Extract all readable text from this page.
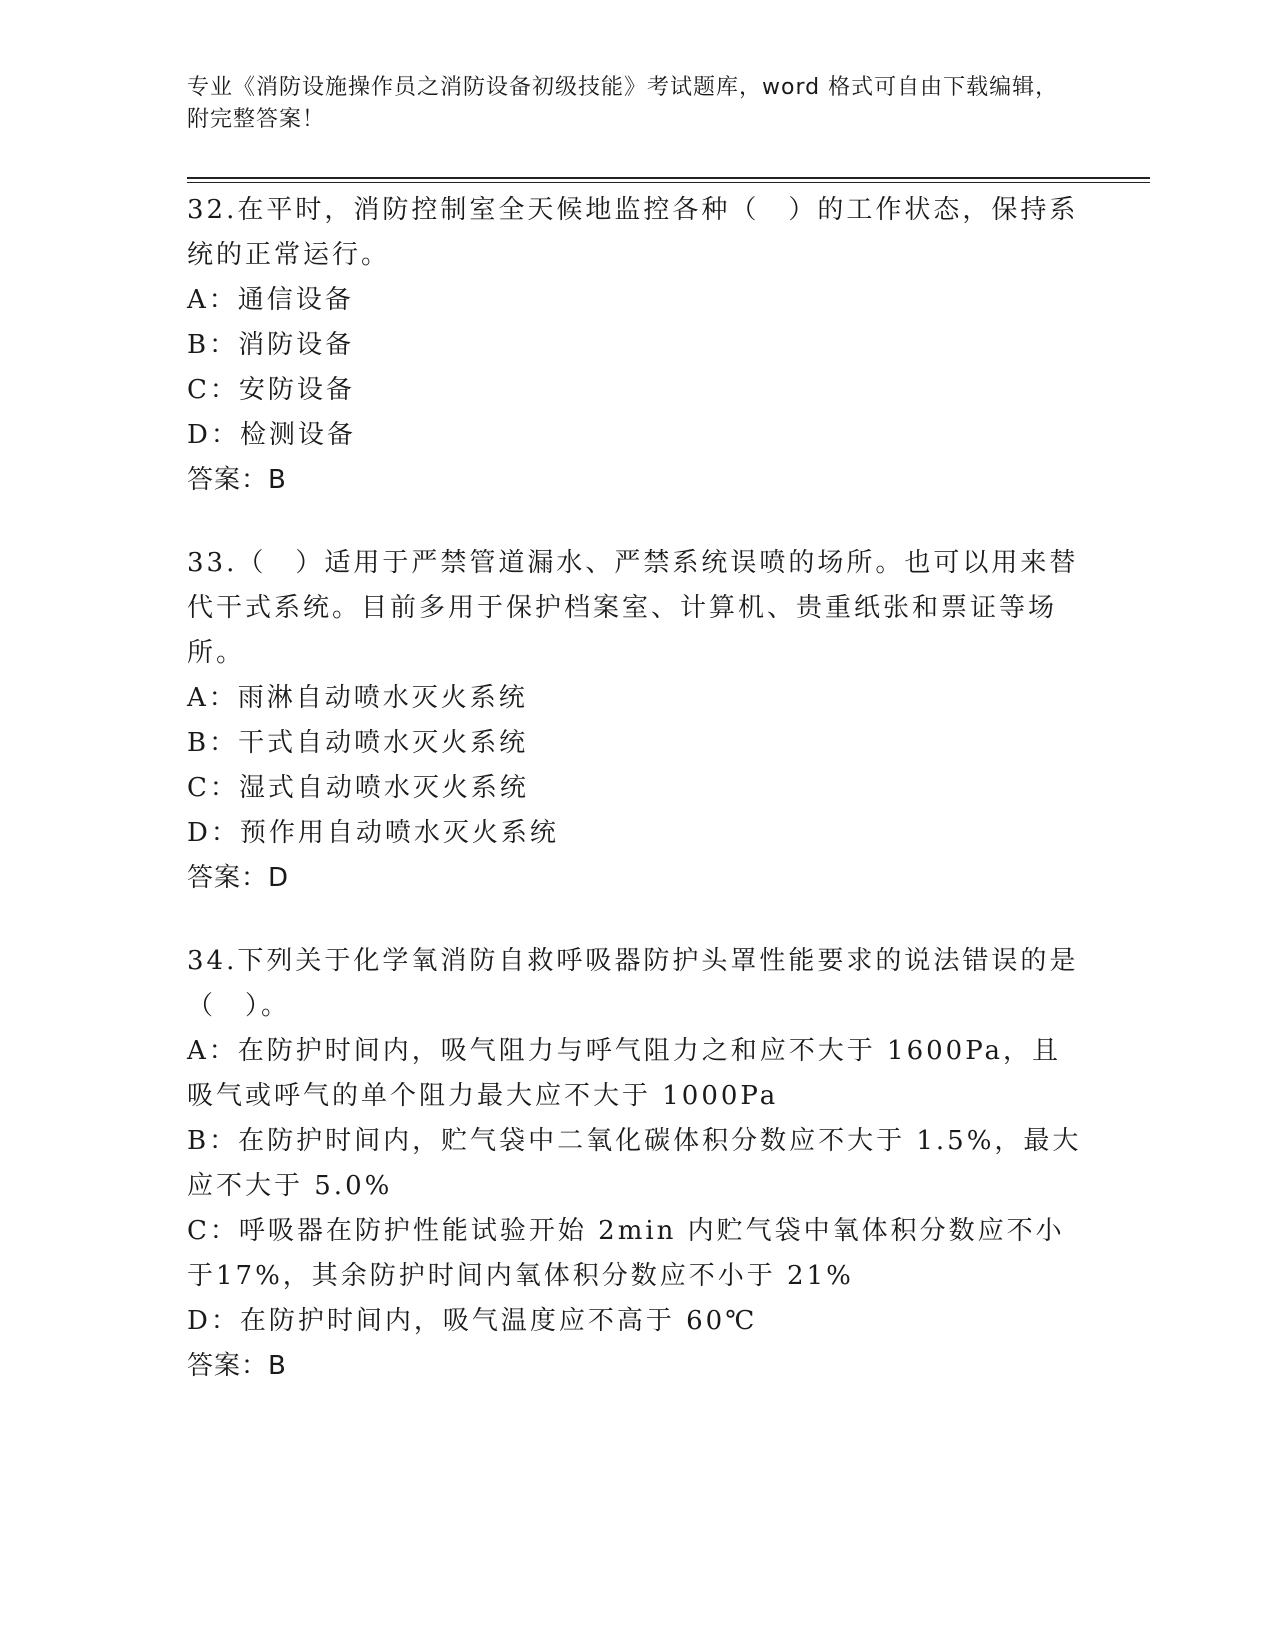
专业《消防设施操作员之消防设备初级技能》考试题库，word 格式可自由下载编辑，附完整答案！

32.在平时，消防控制室全天候地监控各种（　）的工作状态，保持系统的正常运行。

A：通信设备

B：消防设备

C：安防设备

D：检测设备

答案：B

33.（　）适用于严禁管道漏水、严禁系统误喷的场所。也可以用来替代干式系统。目前多用于保护档案室、计算机、贵重纸张和票证等场所。

A：雨淋自动喷水灭火系统

B：干式自动喷水灭火系统

C：湿式自动喷水灭火系统

D：预作用自动喷水灭火系统

答案：D

34.下列关于化学氧消防自救呼吸器防护头罩性能要求的说法错误的是（　）。

A：在防护时间内，吸气阻力与呼气阻力之和应不大于 1600Pa，且吸气或呼气的单个阻力最大应不大于 1000Pa

B：在防护时间内，贮气袋中二氧化碳体积分数应不大于 1.5%，最大应不大于 5.0%

C：呼吸器在防护性能试验开始 2min 内贮气袋中氧体积分数应不小于17%，其余防护时间内氧体积分数应不小于 21%

D：在防护时间内，吸气温度应不高于 60℃

答案：B
